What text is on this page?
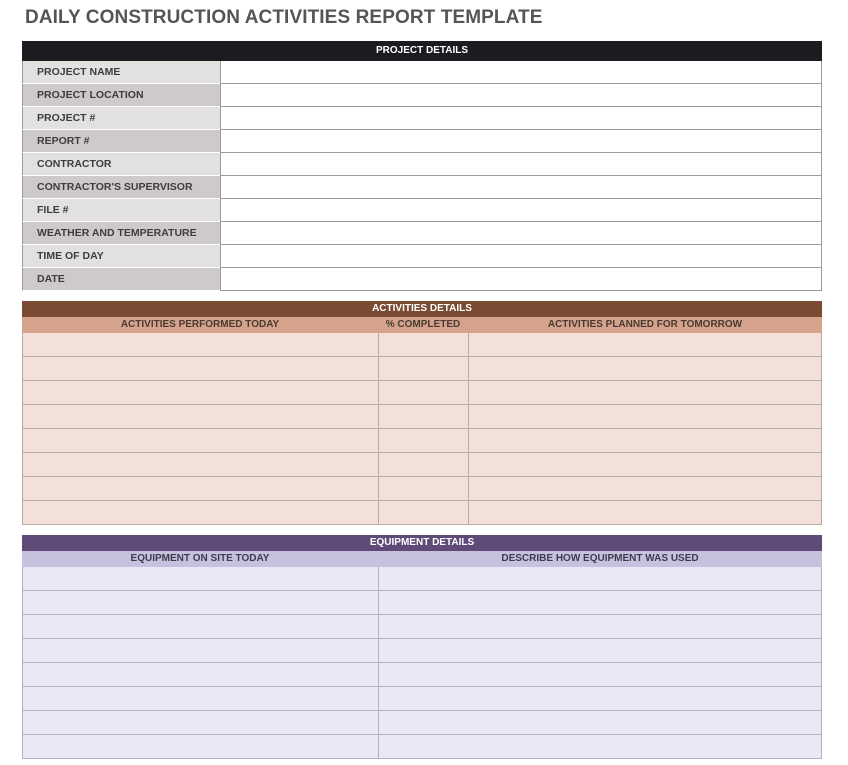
DAILY CONSTRUCTION ACTIVITIES REPORT TEMPLATE
PROJECT DETAILS
PROJECT NAME
PROJECT LOCATION
PROJECT #
REPORT #
CONTRACTOR
CONTRACTOR'S SUPERVISOR
FILE #
WEATHER AND TEMPERATURE
TIME OF DAY
DATE
ACTIVITIES DETAILS
ACTIVITIES PERFORMED TODAY	% COMPLETED	ACTIVITIES PLANNED FOR TOMORROW
EQUIPMENT DETAILS
EQUIPMENT ON SITE TODAY	DESCRIBE HOW EQUIPMENT WAS USED
